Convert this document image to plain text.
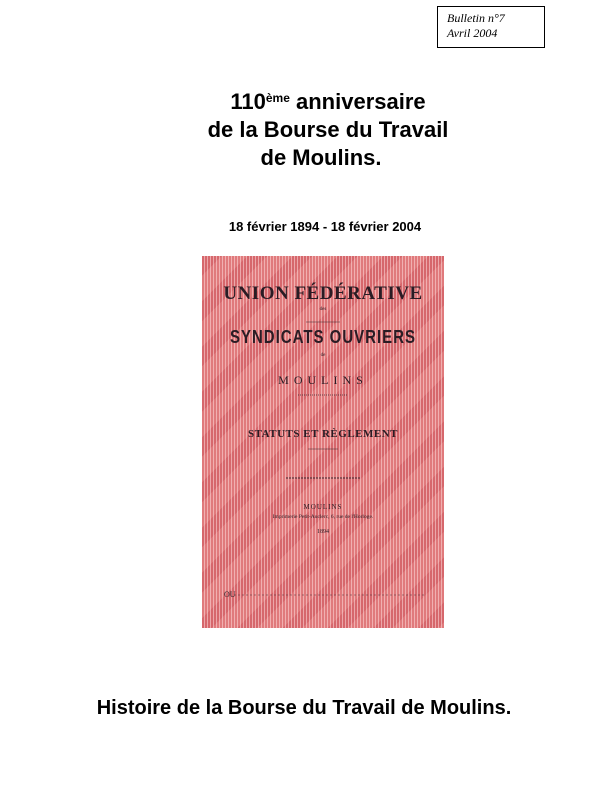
Bulletin n°7
Avril 2004
110ème anniversaire
de la Bourse du Travail
de Moulins.
18 février 1894 - 18 février 2004
UNION FÉDÉRATIVE
des
SYNDICATS OUVRIERS
de
MOULINS
STATUTS ET RÈGLEMENT
MOULINS
Imprimerie Petit-Auclerc, 6, rue de l'Horloge.
1894
OU
Histoire de la Bourse du Travail de Moulins.
